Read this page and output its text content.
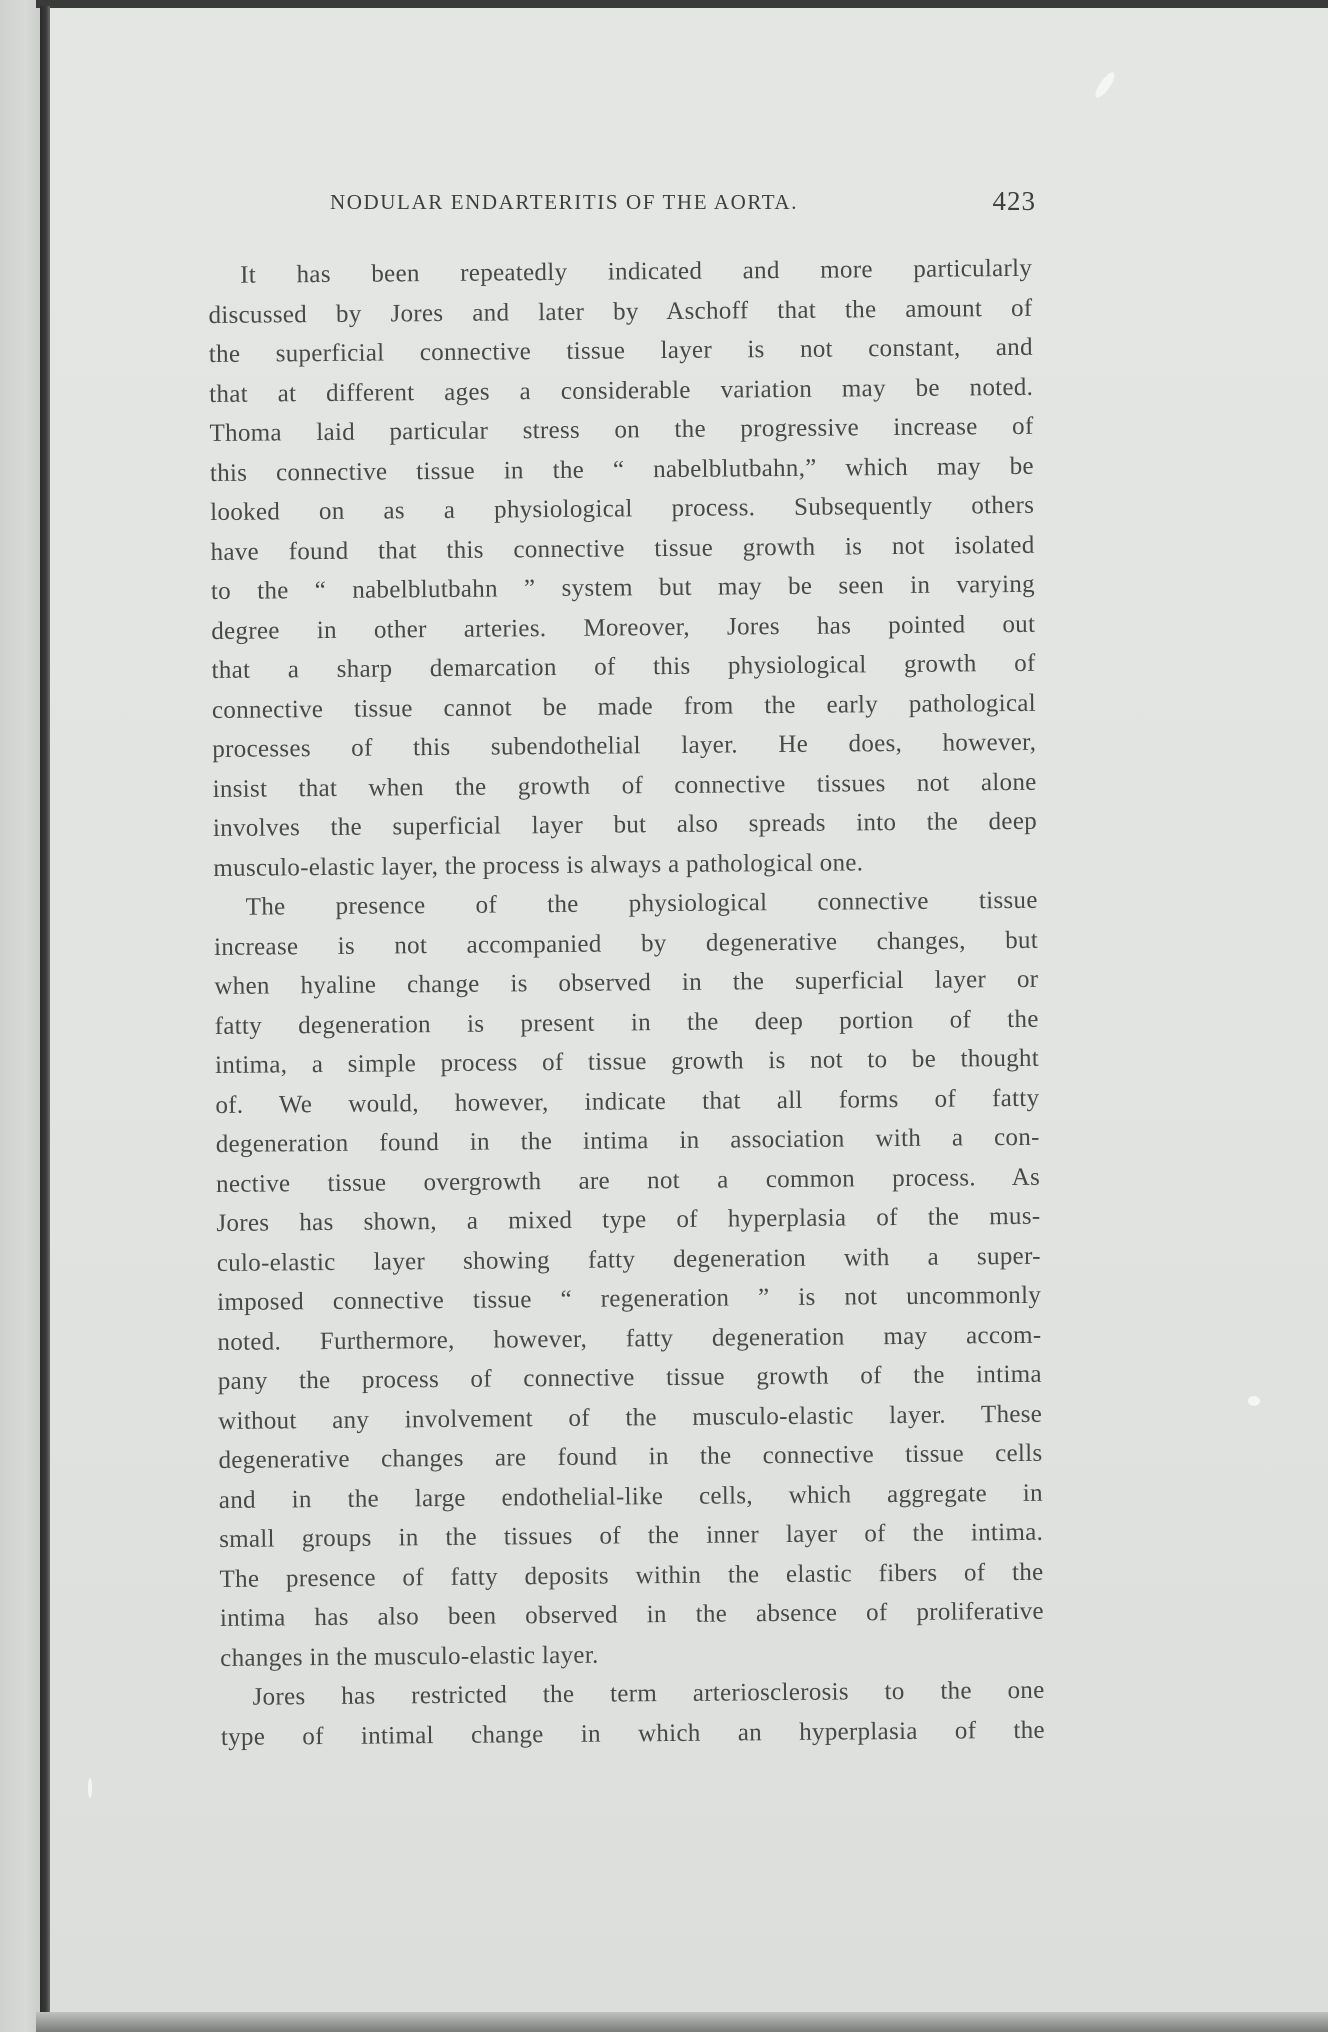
NODULAR ENDARTERITIS OF THE AORTA.	423
It has been repeatedly indicated and more particularly
discussed by Jores and later by Aschoff that the amount of
the superficial connective tissue layer is not constant, and
that at different ages a considerable variation may be noted.
Thoma laid particular stress on the progressive increase of
this connective tissue in the “ nabelblutbahn,” which may be
looked on as a physiological process. Subsequently others
have found that this connective tissue growth is not isolated
to the “ nabelblutbahn ” system but may be seen in varying
degree in other arteries. Moreover, Jores has pointed out
that a sharp demarcation of this physiological growth of
connective tissue cannot be made from the early pathological
processes of this subendothelial layer. He does, however,
insist that when the growth of connective tissues not alone
involves the superficial layer but also spreads into the deep
musculo-elastic layer, the process is always a pathological one.
The presence of the physiological connective tissue
increase is not accompanied by degenerative changes, but
when hyaline change is observed in the superficial layer or
fatty degeneration is present in the deep portion of the
intima, a simple process of tissue growth is not to be thought
of. We would, however, indicate that all forms of fatty
degeneration found in the intima in association with a con-
nective tissue overgrowth are not a common process. As
Jores has shown, a mixed type of hyperplasia of the mus-
culo-elastic layer showing fatty degeneration with a super-
imposed connective tissue “ regeneration ” is not uncommonly
noted. Furthermore, however, fatty degeneration may accom-
pany the process of connective tissue growth of the intima
without any involvement of the musculo-elastic layer. These
degenerative changes are found in the connective tissue cells
and in the large endothelial-like cells, which aggregate in
small groups in the tissues of the inner layer of the intima.
The presence of fatty deposits within the elastic fibers of the
intima has also been observed in the absence of proliferative
changes in the musculo-elastic layer.
Jores has restricted the term arteriosclerosis to the one
type of intimal change in which an hyperplasia of the
